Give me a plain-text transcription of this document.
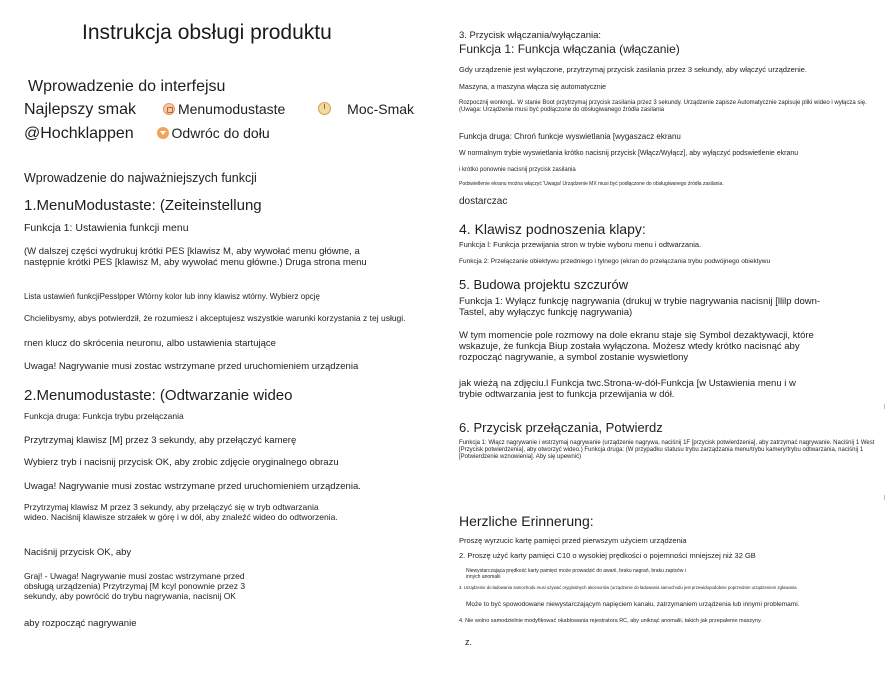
Instrukcja obsługi produktu
Wprowadzenie do interfejsu
Najlepszy smak	Menumodustaste	Moc-Smak
@Hochklappen	Odwróc do dołu
Wprowadzenie do najważniejszych funkcji
1.MenuModustaste: (Zeiteinstellung
Funkcja 1: Ustawienia funkcji menu
(W dalszej części wydrukuj krótki PES [klawisz M, aby wywołać menu główne, a następnie krótki PES [klawisz M, aby wywołać menu główne.) Druga strona menu
Lista ustawień funkcjiPesslpper Wtórny kolor lub inny klawisz wtórny. Wybierz opcję
Chcielibysmy, abys potwierdził, że rozumiesz i akceptujesz wszystkie warunki korzystania z tej usługi.
rnen klucz do skrócenia neuronu, albo ustawienia startujące
Uwaga! Nagrywanie musi zostac wstrzymane przed uruchomieniem urządzenia
2.Menumodustaste: (Odtwarzanie wideo
Funkcja druga: Funkcja trybu przełączania
Przytrzymaj klawisz [M] przez 3 sekundy, aby przełączyć kamerę
Wybierz tryb i nacisnij przycisk OK, aby zrobic zdjęcie oryginalnego obrazu
Uwaga! Nagrywanie musi zostac wstrzymane przed uruchomieniem urządzenia.
Przytrzymaj klawisz M przez 3 sekundy, aby przełączyć się w tryb odtwarzania wideo. Naciśnij klawisze strzałek w górę i w dół, aby znaleźć wideo do odtworzenia.
Naciśnij przycisk OK, aby
Graj! - Uwaga! Nagrywanie musi zostac wstrzymane przed obsługą urządzenia) Przytrzymaj [M kcyl ponownie przez 3 sekundy, aby powrócić do trybu nagrywania, nacisnij OK
aby rozpocząć nagrywanie
3. Przycisk włączania/wyłączania:
Funkcja 1: Funkcja włączania (włączanie)
Gdy urządzenie jest wyłączone, przytrzymaj przycisk zasilania przez 3 sekundy, aby włączyć urządzenie.
Maszyna, a maszyna włącza się automatycznie
Rozpocznij wonkngL. W stanie Boot przytrzymaj przycisk zasilania przez 3 sekundy. Urządzenie zapisze Automatycznie zapisuje pliki wideo i wyłącza się. (Uwaga: Urządzenie musi być podłączone do obsługiwanego źródła zasilania
Funkcja druga: Chroń funkcje wyswietlania [wygaszacz ekranu
W normalnym trybie wyswietlania krótko nacisnij przycisk [Włącz/Wyłącz], aby wyłączyć podswietlenie ekranu
i krótko ponownie nacisnij przycisk zasilania
Podswietlenie ekranu można włączyć 'Uwaga! Urządzenie MX musi być podłączone do obsługiwanego źródła zasilania.
dostarczac
4. Klawisz podnoszenia klapy:
Funkcja l: Funkcja przewijania stron w trybie wyboru menu i odtwarzania.
Funkcja 2: Przełączanie obiektywu przedniego i tylnego (ekran do przełączania trybu podwójnego obiektywu
5. Budowa projektu szczurów
Funkcja 1: Wyłącz funkcję nagrywania (drukuj w trybie nagrywania nacisnij [llilp down-Tastel, aby wyłączyc funkcję nagrywania)
W tym momencie pole rozmowy na dole ekranu staje się Symbol dezaktywacji, które wskazuje, że funkcja Biup została wyłączona. Możesz wtedy krótko nacisnąć aby rozpocząć nagrywanie, a symbol zostanie wyswietlony
jak wieżą na zdjęciu.l Funkcja twc.Strona-w-dół-Funkcja [w Ustawienia menu i w trybie odtwarzania jest to funkcja przewijania w dół.
6. Przycisk przełączania, Potwierdz
Funkcja 1: Włącz nagrywanie i wstrzymaj nagrywanie (urządzenie nagrywa, naciśnij 1F [przycisk potwierdzenia], aby zatrzymać nagrywanie. Naciśnij 1 West [Przycisk potwierdzenia], aby otworzyć wideo.) Funkcja druga: (W przypadku statusu trybu zarządzania menu/trybu kamery/trybu odtwarzania, naciśnij 1 [Potwierdzenie wznowienia]. Aby się upewnić)
Herzliche Erinnerung:
Proszę wyrzucic kartę pamięci przed pierwszym użyciem urządzenia
2. Proszę użyć karty pamięci C10 o wysokiej prędkości o pojemności mniejszej niż 32 GB
Niewystarczająca prędkość karty pamięci może prowadzić do awarii, braku nagrań, braku zapisów i innych anomalii
3. Urządzenie do ładowania samochodu musi używać oryginalnych akcesoriów (urządzenie do ładowania samochodu jest przewidopodobnie poprzednim urządzeniem zgłowania
Może to być spowodowane niewystarczającym napięciem kanału, zatrzymaniem urządzenia lub innymi problemami.
4. Nie wolno samodzielnie modyfikować okablowania rejestratora RC, aby uniknąć anomalii, takich jak przepalenie maszyny.
z.
